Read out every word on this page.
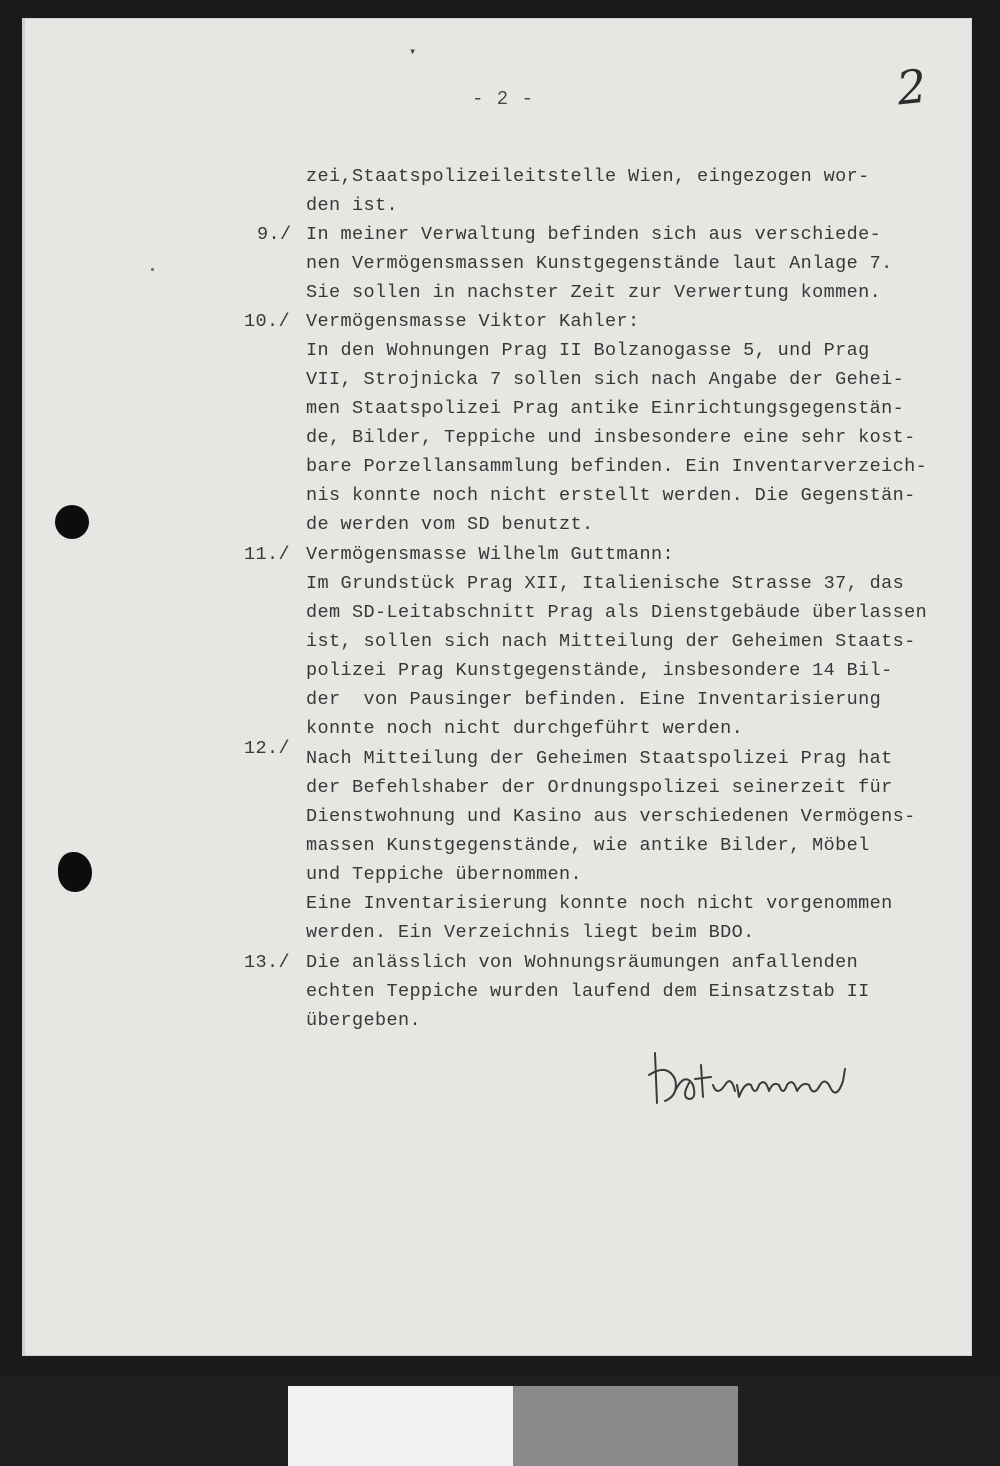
▾
- 2 -	2
zei,Staatspolizeileitstelle Wien, eingezogen wor-
den ist.
9./ In meiner Verwaltung befinden sich aus verschiede-
nen Vermögensmassen Kunstgegenstände laut Anlage 7.
Sie sollen in nachster Zeit zur Verwertung kommen.
10./ Vermögensmasse Viktor Kahler:
In den Wohnungen Prag II Bolzanogasse 5, und Prag
VII, Strojnicka 7 sollen sich nach Angabe der Gehei-
men Staatspolizei Prag antike Einrichtungsgegenstän-
de, Bilder, Teppiche und insbesondere eine sehr kost-
bare Porzellansammlung befinden. Ein Inventarverzeich-
nis konnte noch nicht erstellt werden. Die Gegenstän-
de werden vom SD benutzt.
11./ Vermögensmasse Wilhelm Guttmann:
Im Grundstück Prag XII, Italienische Strasse 37, das
dem SD-Leitabschnitt Prag als Dienstgebäude überlassen
ist, sollen sich nach Mitteilung der Geheimen Staats-
polizei Prag Kunstgegenstände, insbesondere 14 Bil-
der  von Pausinger befinden. Eine Inventarisierung
konnte noch nicht durchgeführt werden.
12./ Nach Mitteilung der Geheimen Staatspolizei Prag hat
der Befehlshaber der Ordnungspolizei seinerzeit für
Dienstwohnung und Kasino aus verschiedenen Vermögens-
massen Kunstgegenstände, wie antike Bilder, Möbel
und Teppiche übernommen.
Eine Inventarisierung konnte noch nicht vorgenommen
werden. Ein Verzeichnis liegt beim BDO.
13./ Die anlässlich von Wohnungsräumungen anfallenden
echten Teppiche wurden laufend dem Einsatzstab II
übergeben.
